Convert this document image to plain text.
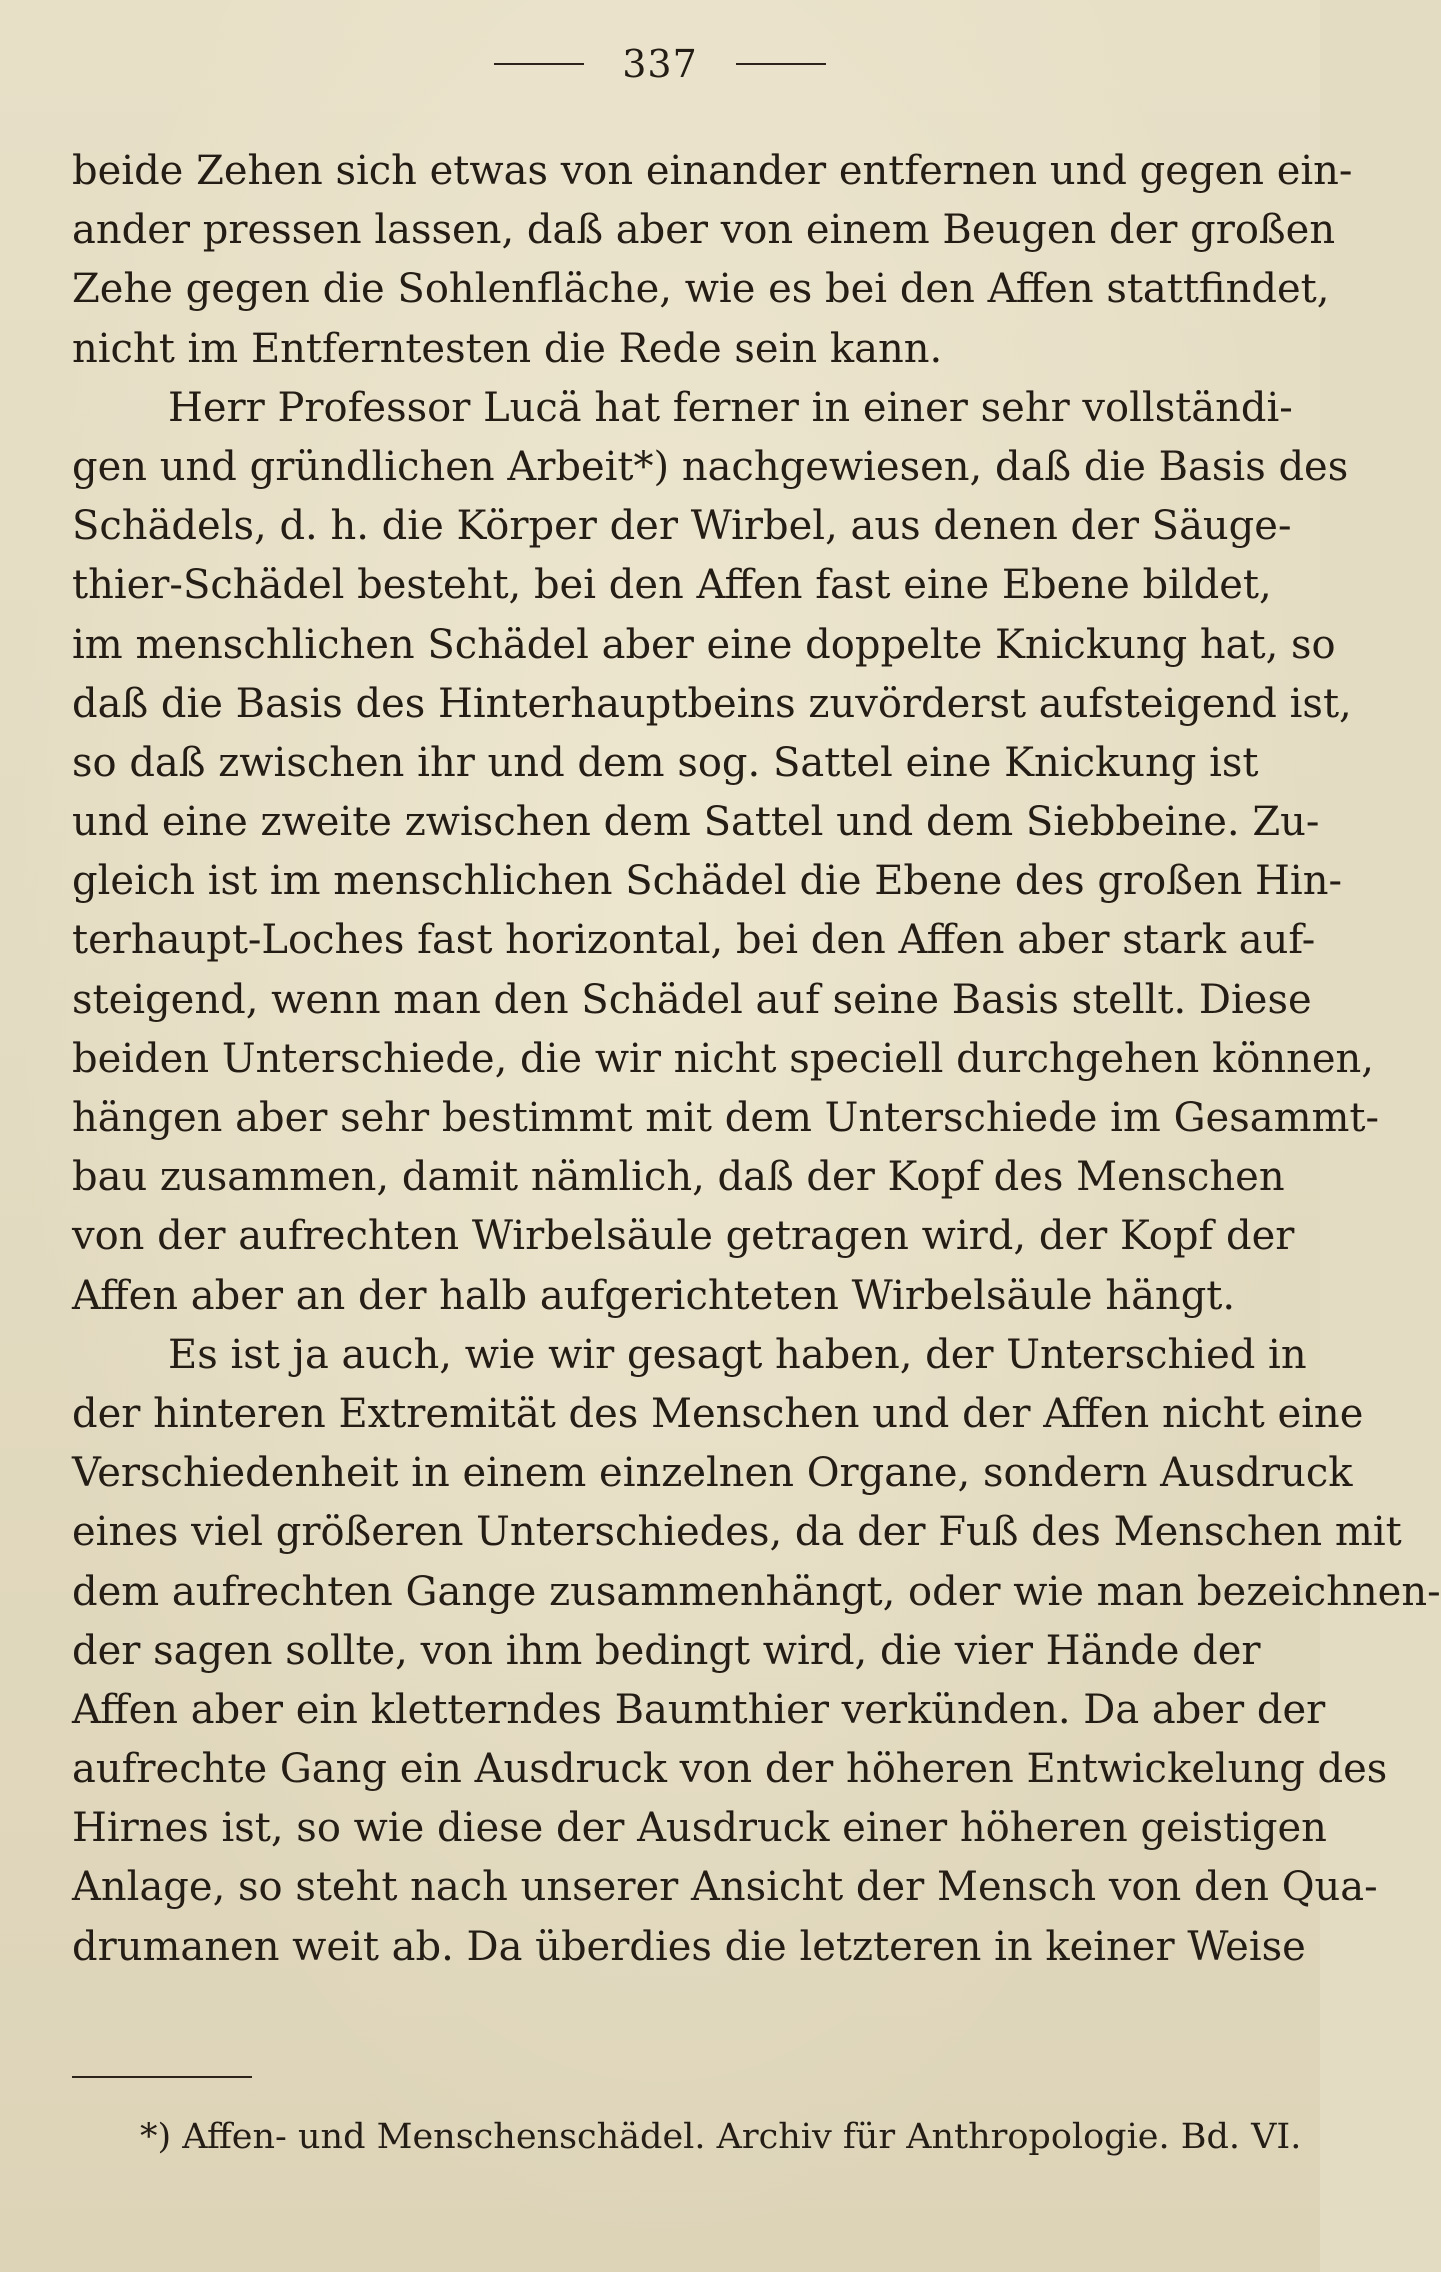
337
beide Zehen sich etwas von einander entfernen und gegen ein-
ander pressen lassen, daß aber von einem Beugen der großen
Zehe gegen die Sohlenfläche, wie es bei den Affen stattfindet,
nicht im Entferntesten die Rede sein kann.
Herr Professor Lucä hat ferner in einer sehr vollständi-
gen und gründlichen Arbeit*) nachgewiesen, daß die Basis des
Schädels, d. h. die Körper der Wirbel, aus denen der Säuge-
thier-Schädel besteht, bei den Affen fast eine Ebene bildet,
im menschlichen Schädel aber eine doppelte Knickung hat, so
daß die Basis des Hinterhauptbeins zuvörderst aufsteigend ist,
so daß zwischen ihr und dem sog. Sattel eine Knickung ist
und eine zweite zwischen dem Sattel und dem Siebbeine. Zu-
gleich ist im menschlichen Schädel die Ebene des großen Hin-
terhaupt-Loches fast horizontal, bei den Affen aber stark auf-
steigend, wenn man den Schädel auf seine Basis stellt. Diese
beiden Unterschiede, die wir nicht speciell durchgehen können,
hängen aber sehr bestimmt mit dem Unterschiede im Gesammt-
bau zusammen, damit nämlich, daß der Kopf des Menschen
von der aufrechten Wirbelsäule getragen wird, der Kopf der
Affen aber an der halb aufgerichteten Wirbelsäule hängt.
Es ist ja auch, wie wir gesagt haben, der Unterschied in
der hinteren Extremität des Menschen und der Affen nicht eine
Verschiedenheit in einem einzelnen Organe, sondern Ausdruck
eines viel größeren Unterschiedes, da der Fuß des Menschen mit
dem aufrechten Gange zusammenhängt, oder wie man bezeichnen-
der sagen sollte, von ihm bedingt wird, die vier Hände der
Affen aber ein kletterndes Baumthier verkünden. Da aber der
aufrechte Gang ein Ausdruck von der höheren Entwickelung des
Hirnes ist, so wie diese der Ausdruck einer höheren geistigen
Anlage, so steht nach unserer Ansicht der Mensch von den Qua-
drumanen weit ab. Da überdies die letzteren in keiner Weise
*) Affen- und Menschenschädel. Archiv für Anthropologie. Bd. VI.
